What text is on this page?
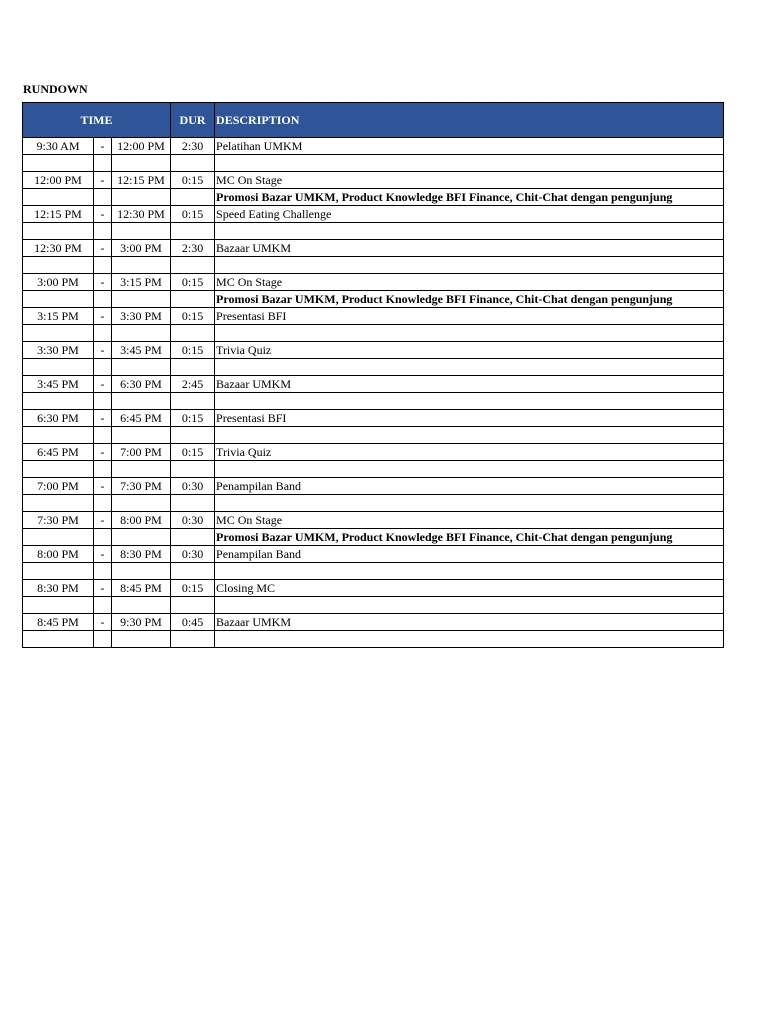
RUNDOWN
TIME			DUR	DESCRIPTION
9:30 AM	-	12:00 PM	2:30	Pelatihan UMKM

12:00 PM	-	12:15 PM	0:15	MC On Stage
				Promosi Bazar UMKM, Product Knowledge BFI Finance, Chit-Chat dengan pengunjung
12:15 PM	-	12:30 PM	0:15	Speed Eating Challenge

12:30 PM	-	3:00 PM	2:30	Bazaar UMKM

3:00 PM	-	3:15 PM	0:15	MC On Stage
				Promosi Bazar UMKM, Product Knowledge BFI Finance, Chit-Chat dengan pengunjung
3:15 PM	-	3:30 PM	0:15	Presentasi BFI

3:30 PM	-	3:45 PM	0:15	Trivia Quiz

3:45 PM	-	6:30 PM	2:45	Bazaar UMKM

6:30 PM	-	6:45 PM	0:15	Presentasi BFI

6:45 PM	-	7:00 PM	0:15	Trivia Quiz

7:00 PM	-	7:30 PM	0:30	Penampilan Band

7:30 PM	-	8:00 PM	0:30	MC On Stage
				Promosi Bazar UMKM, Product Knowledge BFI Finance, Chit-Chat dengan pengunjung
8:00 PM	-	8:30 PM	0:30	Penampilan Band

8:30 PM	-	8:45 PM	0:15	Closing MC

8:45 PM	-	9:30 PM	0:45	Bazaar UMKM
